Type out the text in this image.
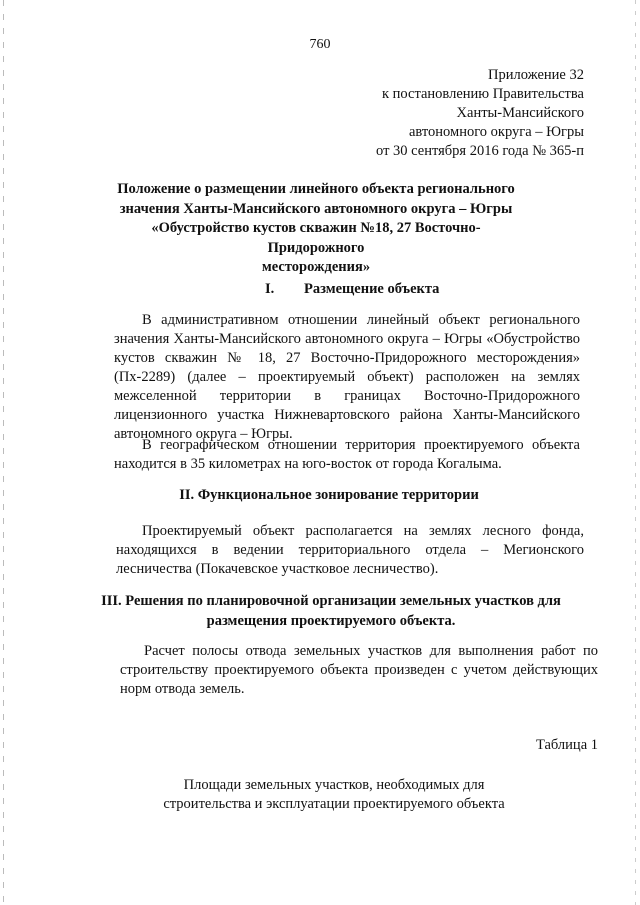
760
Приложение 32
к постановлению Правительства
Ханты-Мансийского
автономного округа – Югры
от 30 сентября 2016 года № 365-п
Положение о размещении линейного объекта регионального
значения Ханты-Мансийского автономного округа – Югры
«Обустройство кустов скважин №18, 27 Восточно-Придорожного
месторождения»
I. Размещение объекта
В административном отношении линейный объект регионального значения Ханты-Мансийского автономного округа – Югры «Обустройство кустов скважин № 18, 27 Восточно-Придорожного месторождения» (Пх-2289) (далее – проектируемый объект) расположен на землях межселенной территории в границах Восточно-Придорожного лицензионного участка Нижневартовского района Ханты-Мансийского автономного округа – Югры.
В географическом отношении территория проектируемого объекта находится в 35 километрах на юго-восток от города Когалыма.
II. Функциональное зонирование территории
Проектируемый объект располагается на землях лесного фонда, находящихся в ведении территориального отдела – Мегионского лесничества (Покачевское участковое лесничество).
III. Решения по планировочной организации земельных участков для
размещения проектируемого объекта.
Расчет полосы отвода земельных участков для выполнения работ по строительству проектируемого объекта произведен с учетом действующих норм отвода земель.
Таблица 1
Площади земельных участков, необходимых для
строительства и эксплуатации проектируемого объекта
